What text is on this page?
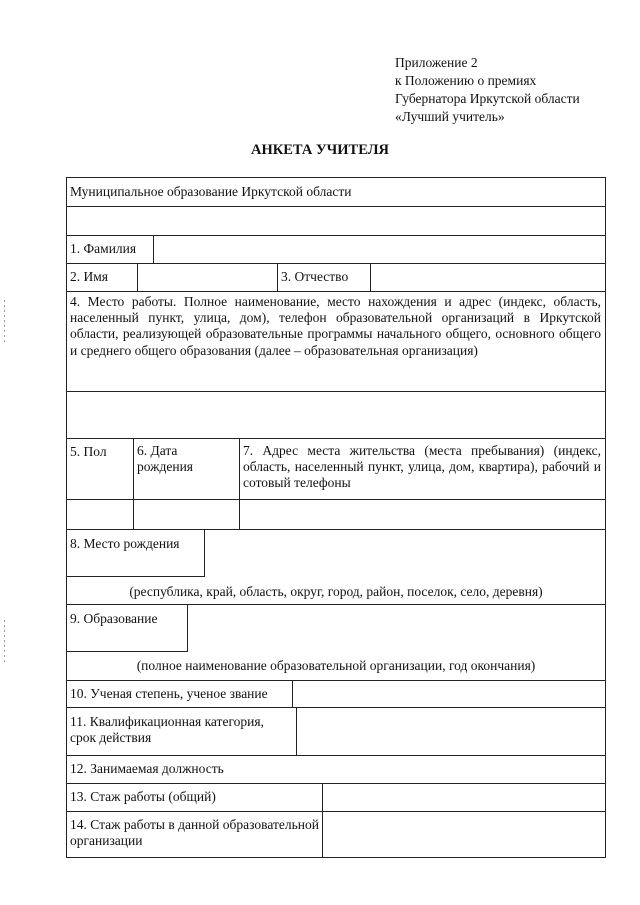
Приложение 2
к Положению о премиях
Губернатора Иркутской области
«Лучший учитель»
АНКЕТА УЧИТЕЛЯ
Муниципальное образование Иркутской области
1. Фамилия
2. Имя	3. Отчество
4. Место работы. Полное наименование, место нахождения и адрес (индекс, область, населенный пункт, улица, дом), телефон образовательной организаций в Иркутской области, реализующей образовательные программы начального общего, основного общего и среднего общего образования (далее – образовательная организация)
5. Пол 6. Дата рождения
7. Адрес места жительства (места пребывания) (индекс, область, населенный пункт, улица, дом, квартира), рабочий и сотовый телефоны
8. Место рождения
(республика, край, область, округ, город, район, поселок, село, деревня)
9. Образование
(полное наименование образовательной организации, год окончания)
10. Ученая степень, ученое звание
11. Квалификационная категория, срок действия
12. Занимаемая должность
13. Стаж работы (общий)
14. Стаж работы в данной образовательной организации
